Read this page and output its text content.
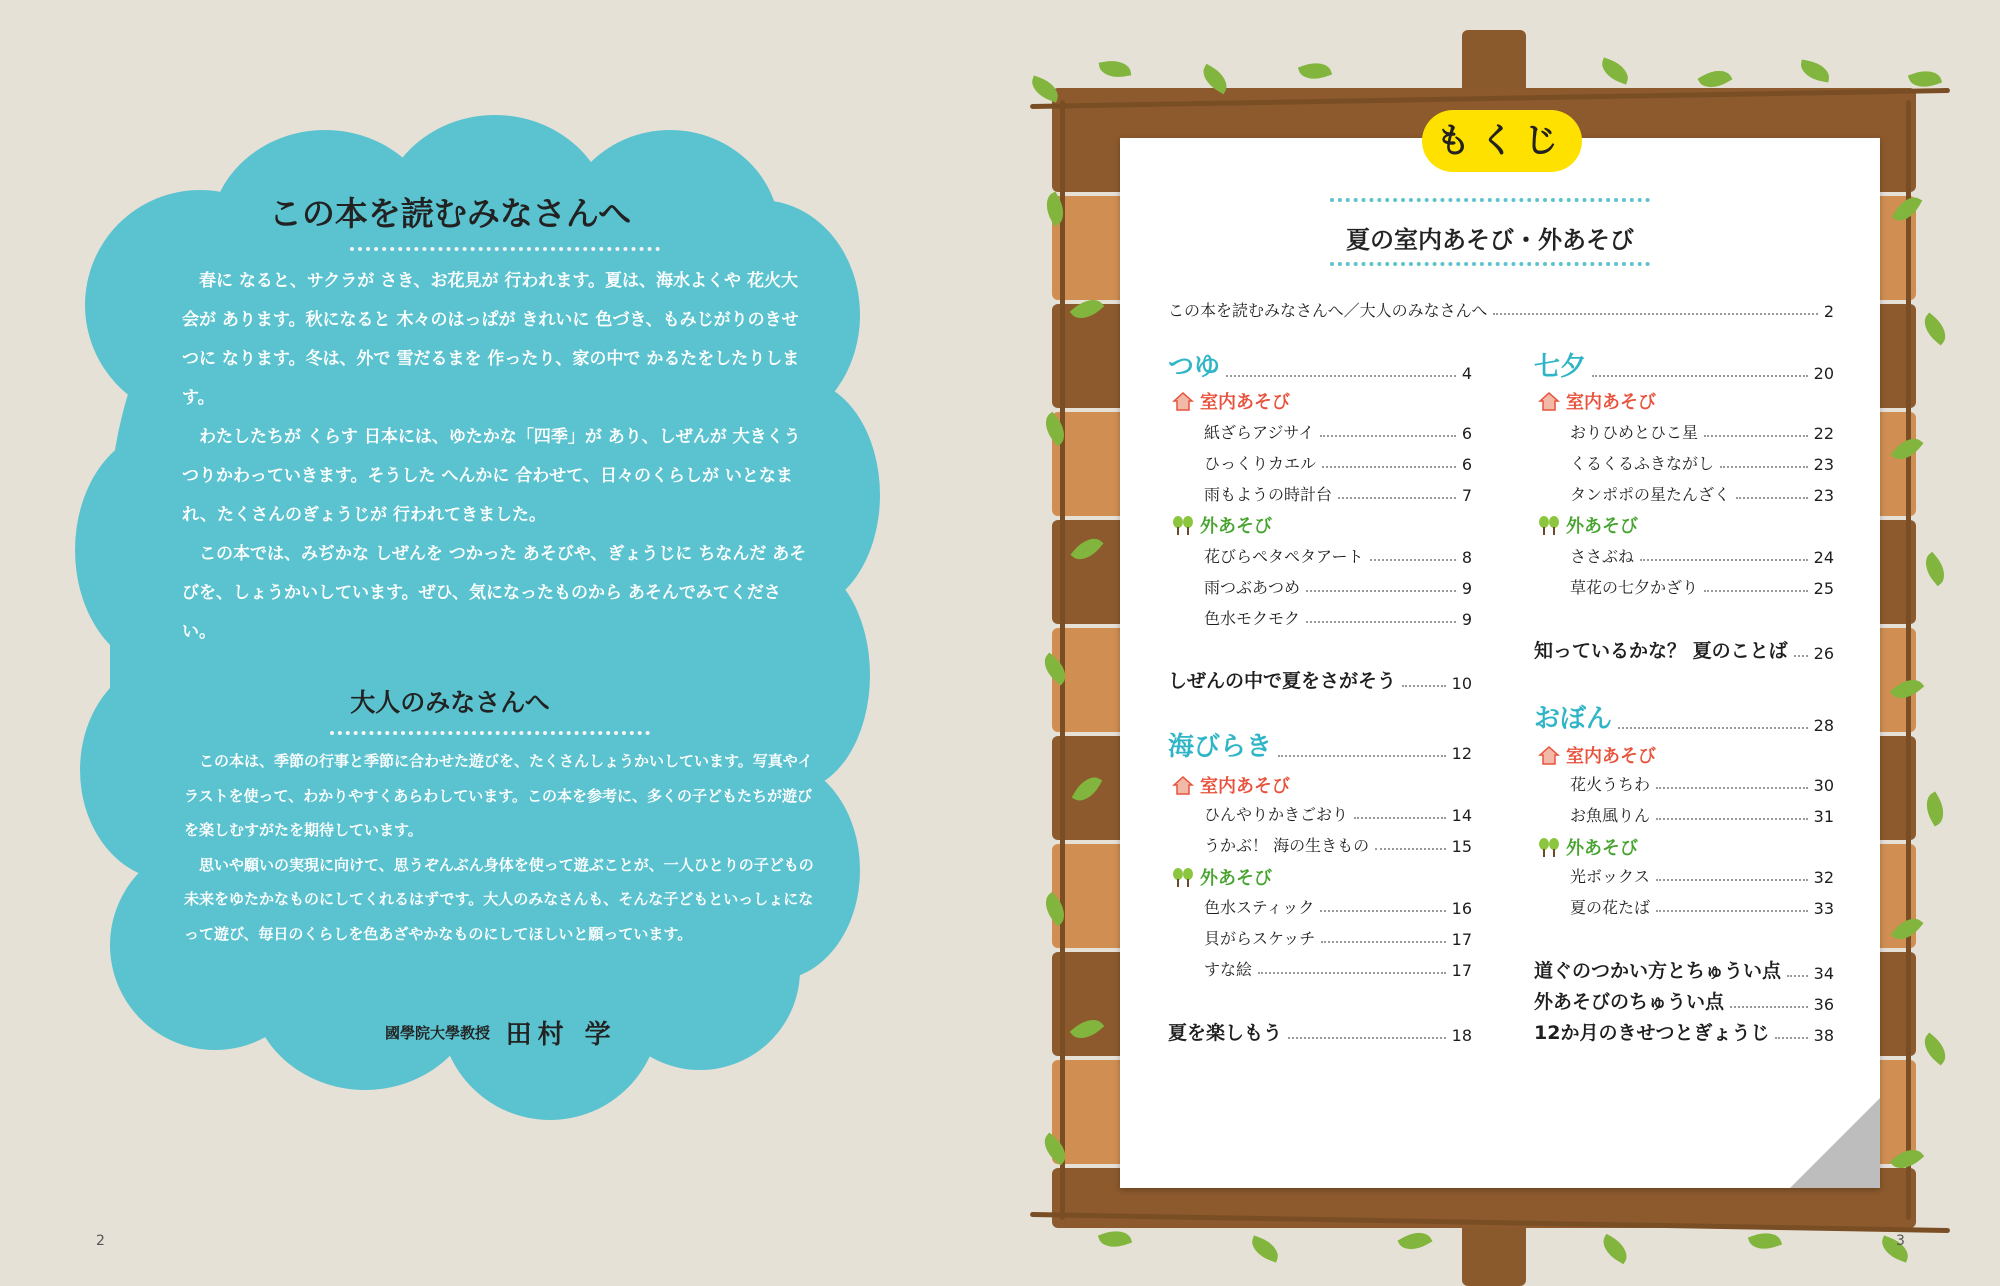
この本を読むみなさんへ

春に なると、サクラが さき、お花見が 行われます。夏は、海水よくや 花火大会が あります。秋になると 木々のはっぱが きれいに 色づき、もみじがりのきせつに なります。冬は、外で 雪だるまを 作ったり、家の中で かるたをしたりします。

わたしたちが くらす 日本には、ゆたかな「四季」が あり、しぜんが 大きくうつりかわっていきます。そうした へんかに 合わせて、日々のくらしが いとなまれ、たくさんのぎょうじが 行われてきました。

この本では、みぢかな しぜんを つかった あそびや、ぎょうじに ちなんだ あそびを、しょうかいしています。ぜひ、気になったものから あそんでみてください。

大人のみなさんへ

この本は、季節の行事と季節に合わせた遊びを、たくさんしょうかいしています。写真やイラストを使って、わかりやすくあらわしています。この本を参考に、多くの子どもたちが遊びを楽しむすがたを期待しています。

思いや願いの実現に向けて、思うぞんぶん身体を使って遊ぶことが、一人ひとりの子どもの未来をゆたかなものにしてくれるはずです。大人のみなさんも、そんな子どもといっしょになって遊び、毎日のくらしを色あざやかなものにしてほしいと願っています。

國學院大學教授 田村 学
2
もくじ
夏の室内あそび・外あそび
この本を読むみなさんへ／大人のみなさんへ	2
つゆ	4
室内あそび
紙ざらアジサイ	6
ひっくりカエル	6
雨もようの時計台	7
外あそび
花びらペタペタアート	8
雨つぶあつめ	9
色水モクモク	9
しぜんの中で夏をさがそう	10
海びらき	12
室内あそび
ひんやりかきごおり	14
うかぶ！ 海の生きもの	15
外あそび
色水スティック	16
貝がらスケッチ	17
すな絵	17
夏を楽しもう	18
七夕	20
室内あそび
おりひめとひこ星	22
くるくるふきながし	23
タンポポの星たんざく	23
外あそび
ささぶね	24
草花の七夕かざり	25
知っているかな？ 夏のことば 26
おぼん	28
室内あそび
花火うちわ	30
お魚風りん	31
外あそび
光ボックス	32
夏の花たば	33
道ぐのつかい方とちゅうい点 34
外あそびのちゅうい点	36
12か月のきせつとぎょうじ	38
3
